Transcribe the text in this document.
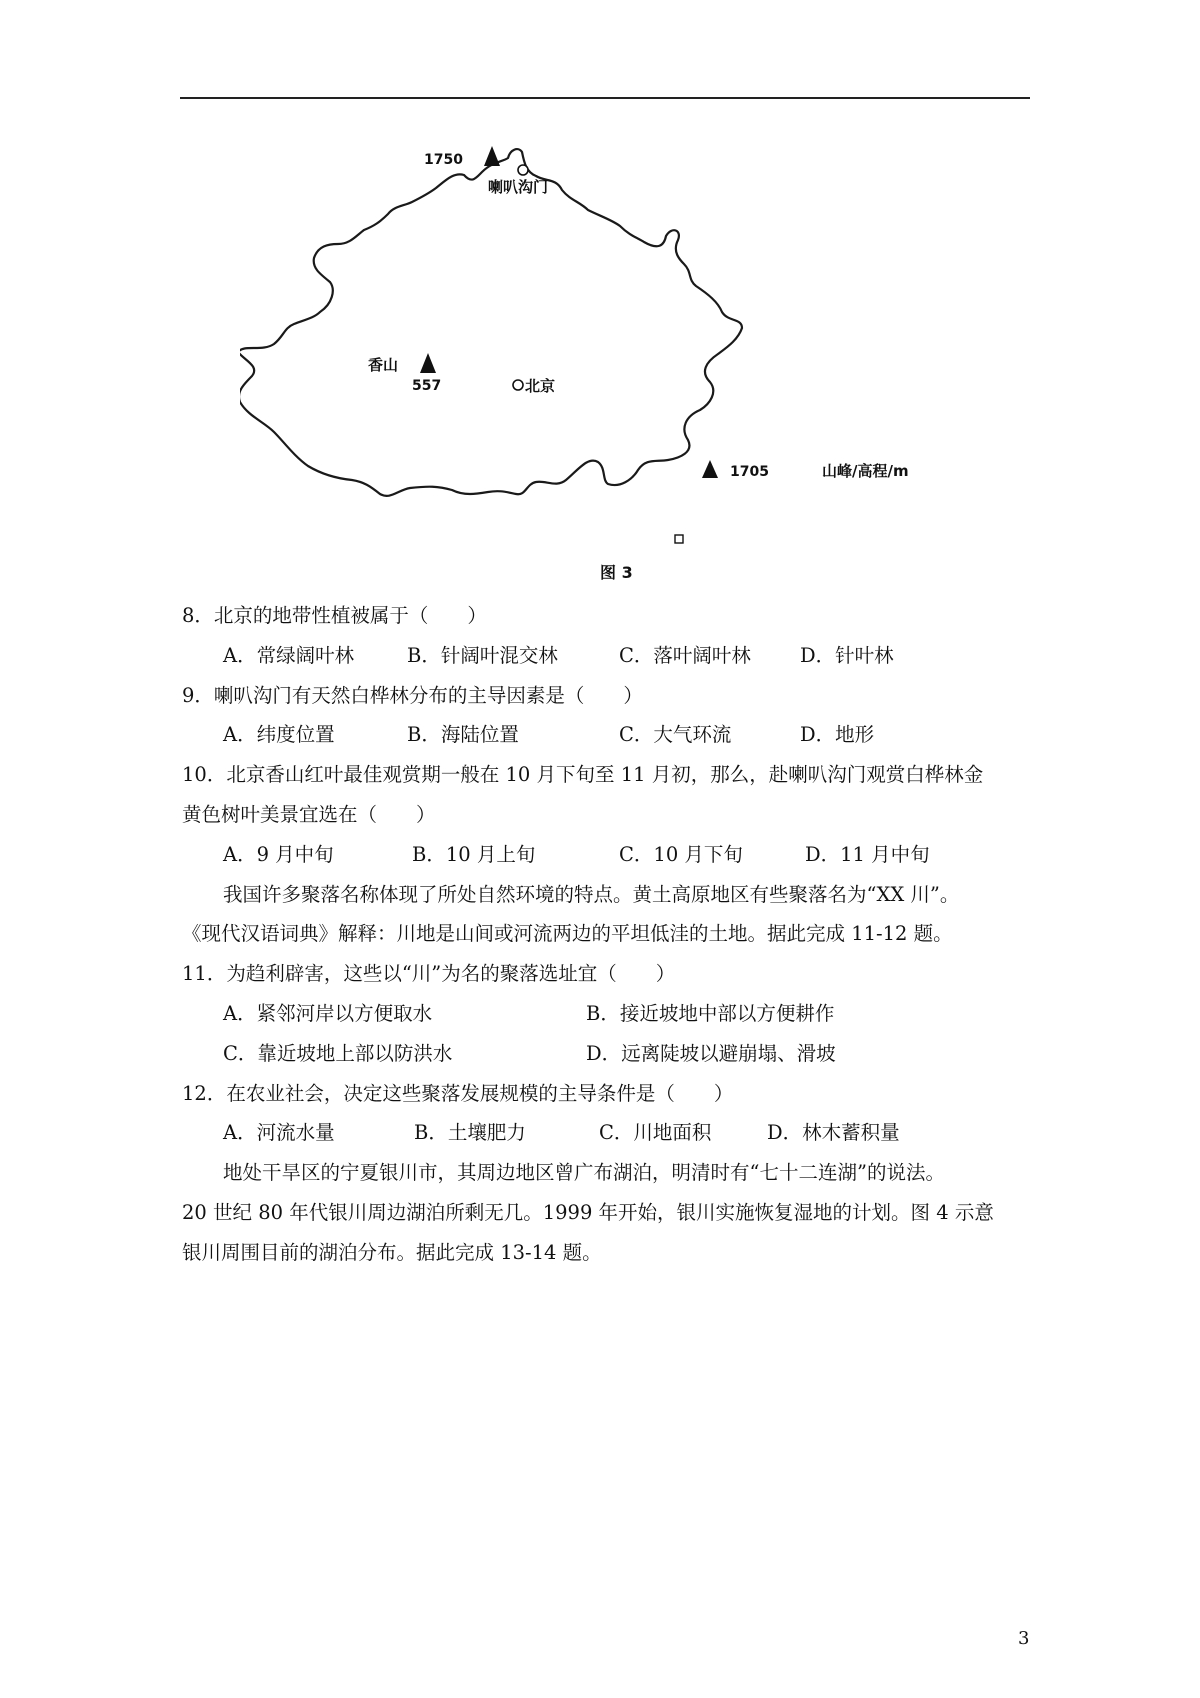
1750
喇叭沟门
香山
557	北京
1705	山峰/高程/m
图 3
8．北京的地带性植被属于（　　）
A．常绿阔叶林	B．针阔叶混交林	C．落叶阔叶林	D．针叶林
9．喇叭沟门有天然白桦林分布的主导因素是（　　）
A．纬度位置	B．海陆位置	C．大气环流	D．地形
10．北京香山红叶最佳观赏期一般在 10 月下旬至 11 月初，那么，赴喇叭沟门观赏白桦林金
黄色树叶美景宜选在（　　）
A．9 月中旬	B．10 月上旬	C．10 月下旬	D．11 月中旬
我国许多聚落名称体现了所处自然环境的特点。黄土高原地区有些聚落名为“XX 川”。
《现代汉语词典》解释：川地是山间或河流两边的平坦低洼的土地。据此完成 11-12 题。
11．为趋利辟害，这些以“川”为名的聚落选址宜（　　）
A．紧邻河岸以方便取水	B．接近坡地中部以方便耕作
C．靠近坡地上部以防洪水	D．远离陡坡以避崩塌、滑坡
12．在农业社会，决定这些聚落发展规模的主导条件是（　　）
A．河流水量	B．土壤肥力	C．川地面积	D．林木蓄积量
地处干旱区的宁夏银川市，其周边地区曾广布湖泊，明清时有“七十二连湖”的说法。
20 世纪 80 年代银川周边湖泊所剩无几。1999 年开始，银川实施恢复湿地的计划。图 4 示意
银川周围目前的湖泊分布。据此完成 13-14 题。
3
